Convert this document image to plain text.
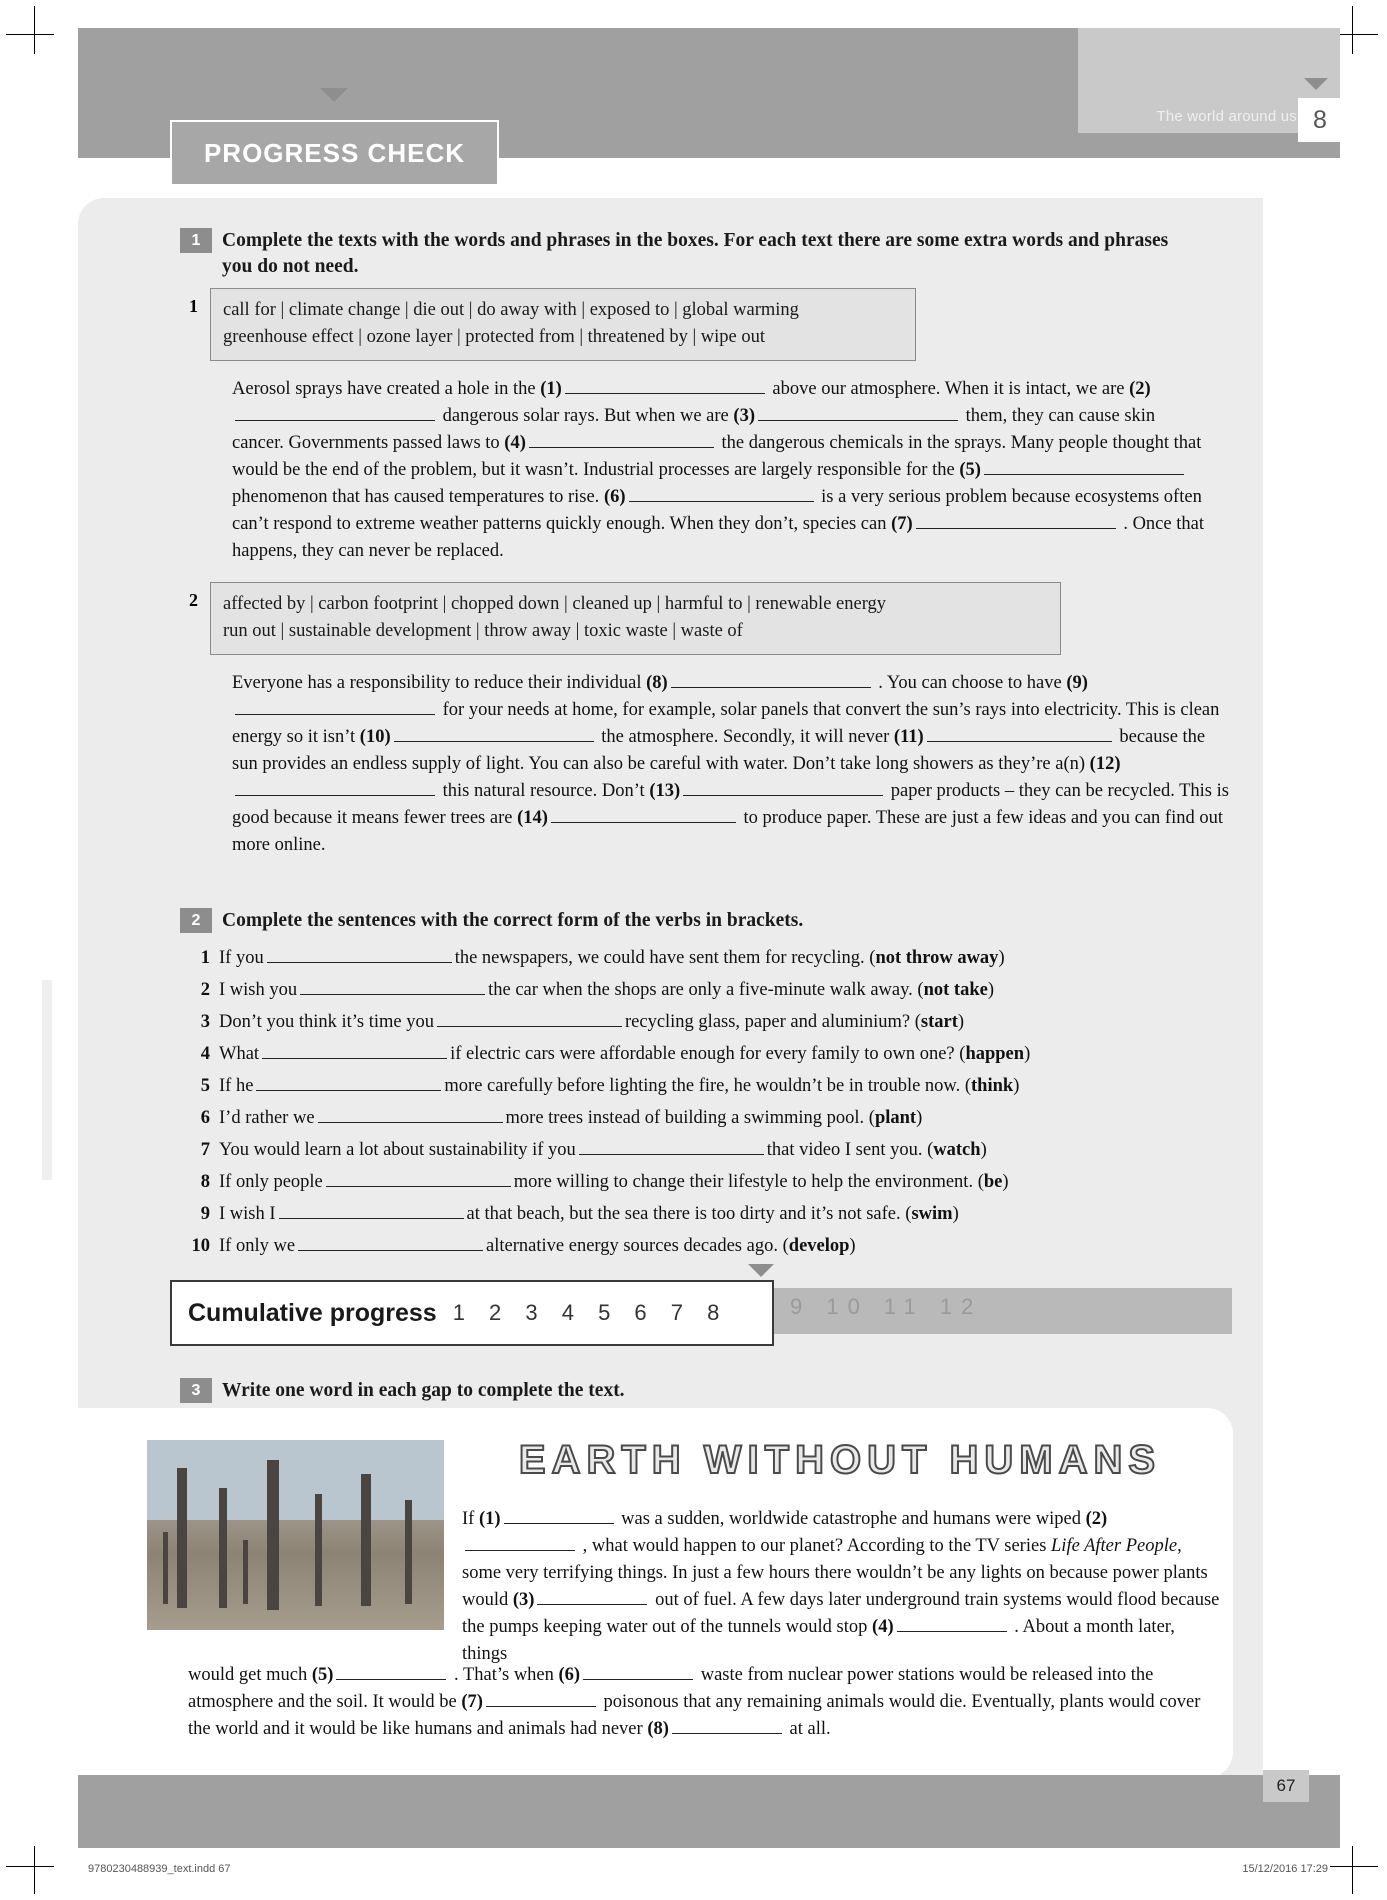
The world around us 8
PROGRESS CHECK
1 Complete the texts with the words and phrases in the boxes. For each text there are some extra words and phrases you do not need.
1 call for | climate change | die out | do away with | exposed to | global warming
greenhouse effect | ozone layer | protected from | threatened by | wipe out
Aerosol sprays have created a hole in the (1)	above our atmosphere. When it is intact, we are (2) dangerous solar rays. But when we are (3)	them, they can cause skin cancer. Governments passed laws to (4)	the dangerous chemicals in the sprays. Many people thought that would be the end of the problem, but it wasn’t. Industrial processes are largely responsible for the (5) phenomenon that has caused temperatures to rise. (6)	is a very serious problem because ecosystems often can’t respond to extreme weather patterns quickly enough. When they don’t, species can (7)	. Once that happens, they can never be replaced.
2 affected by | carbon footprint | chopped down | cleaned up | harmful to | renewable energy
run out | sustainable development | throw away | toxic waste | waste of
Everyone has a responsibility to reduce their individual (8)	. You can choose to have (9) for your needs at home, for example, solar panels that convert the sun’s rays into electricity. This is clean energy so it isn’t (10)	the atmosphere. Secondly, it will never (11)	because the sun provides an endless supply of light. You can also be careful with water. Don’t take long showers as they’re a(n) (12) this natural resource. Don’t (13)	paper products – they can be recycled. This is good because it means fewer trees are (14)	to produce paper. These are just a few ideas and you can find out more online.
2 Complete the sentences with the correct form of the verbs in brackets.
1 If you	the newspapers, we could have sent them for recycling. (not throw away)
2 I wish you	the car when the shops are only a five-minute walk away. (not take)
3 Don’t you think it’s time you	recycling glass, paper and aluminium? (start)
4 What	if electric cars were affordable enough for every family to own one? (happen)
5 If he	more carefully before lighting the fire, he wouldn’t be in trouble now. (think)
6 I’d rather we	more trees instead of building a swimming pool. (plant)
7 You would learn a lot about sustainability if you	that video I sent you. (watch)
8 If only people	more willing to change their lifestyle to help the environment. (be)
9 I wish I	at that beach, but the sea there is too dirty and it’s not safe. (swim)
10 If only we	alternative energy sources decades ago. (develop)
Cumulative progress 1 2 3 4 5 6 7 8	9 10 11 12
3 Write one word in each gap to complete the text.
EARTH WITHOUT HUMANS
If (1)	was a sudden, worldwide catastrophe and humans were wiped (2) , what would happen to our planet? According to the TV series Life After People, some very terrifying things. In just a few hours there wouldn’t be any lights on because power plants would (3)	out of fuel. A few days later underground train systems would flood because the pumps keeping water out of the tunnels would stop (4)	. About a month later, things
would get much (5)	. That’s when (6)	waste from nuclear power stations would be released into the atmosphere and the soil. It would be (7)	poisonous that any remaining animals would die. Eventually, plants would cover the world and it would be like humans and animals had never (8)	at all.
67
9780230488939_text.indd 67	15/12/2016 17:29
